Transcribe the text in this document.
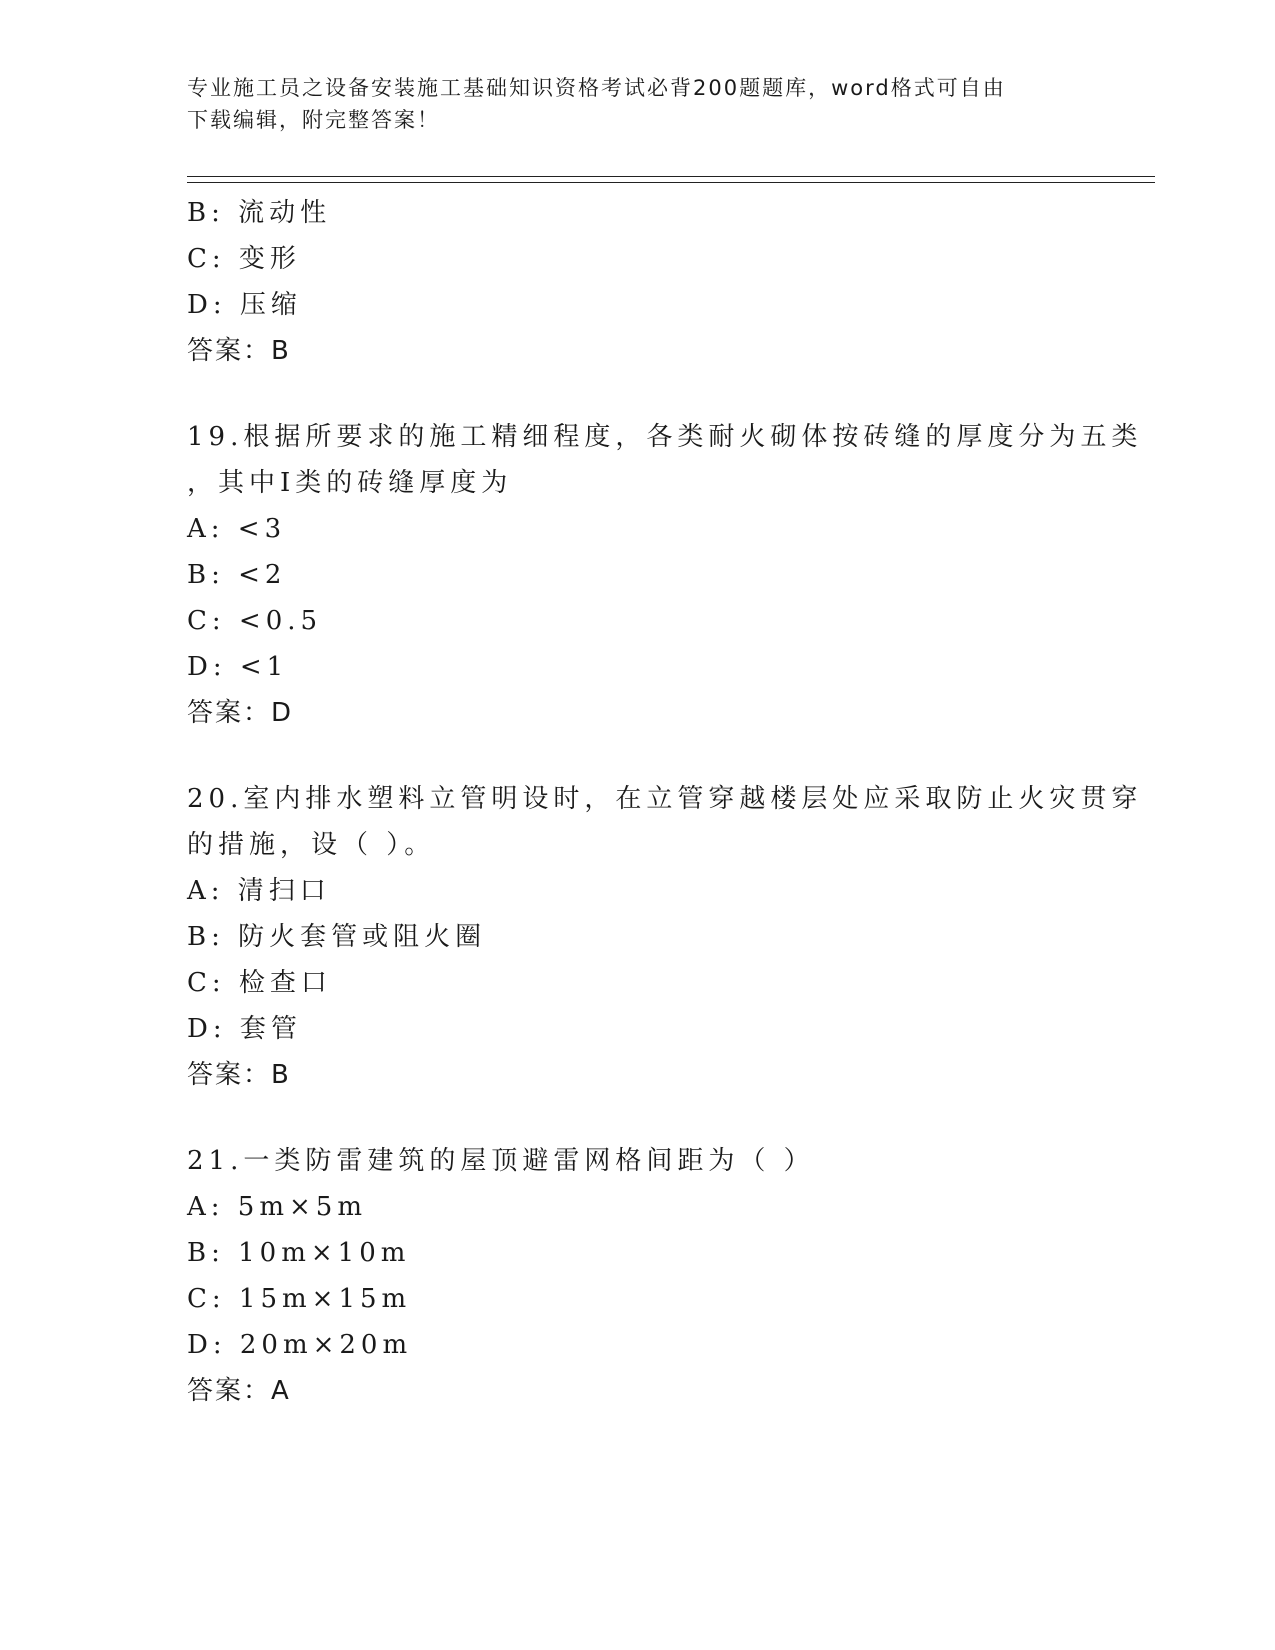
专业施工员之设备安装施工基础知识资格考试必背200题题库，word格式可自由
下载编辑，附完整答案！
B: 流动性
C: 变形
D: 压缩
答案：B
19.根据所要求的施工精细程度，各类耐火砌体按砖缝的厚度分为五类
，其中Ⅰ类的砖缝厚度为
A: <3
B: <2
C: <0.5
D: <1
答案：D
20.室内排水塑料立管明设时，在立管穿越楼层处应采取防止火灾贯穿
的措施，设（ ）。
A: 清扫口
B: 防火套管或阻火圈
C: 检查口
D: 套管
答案：B
21.一类防雷建筑的屋顶避雷网格间距为（ ）
A: 5m×5m
B: 10m×10m
C: 15m×15m
D: 20m×20m
答案：A
